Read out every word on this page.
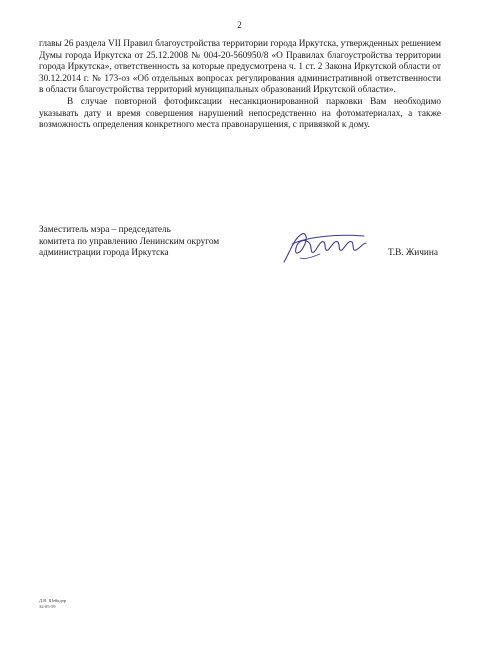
2

главы 26 раздела VII Правил благоустройства территории города Иркутска, утвержденных решением Думы города Иркутска от 25.12.2008 № 004-20-560950/8 «О Правилах благоустройства территории города Иркутска», ответственность за которые предусмотрена ч. 1 ст. 2 Закона Иркутской области от 30.12.2014 г. № 173-оз «Об отдельных вопросах регулирования административной ответственности в области благоустройства территорий муниципальных образований Иркутской области».

В случае повторной фотофиксации несанкционированной парковки Вам необходимо указывать дату и время совершения нарушений непосредственно на фотоматериалах, а также возможность определения конкретного места правонарушения, с привязкой к дому.

Заместитель мэра – председатель
комитета по управлению Ленинским округом
администрации города Иркутска	Т.В. Жичина
Д.В. Шейкдер
32-05-59
